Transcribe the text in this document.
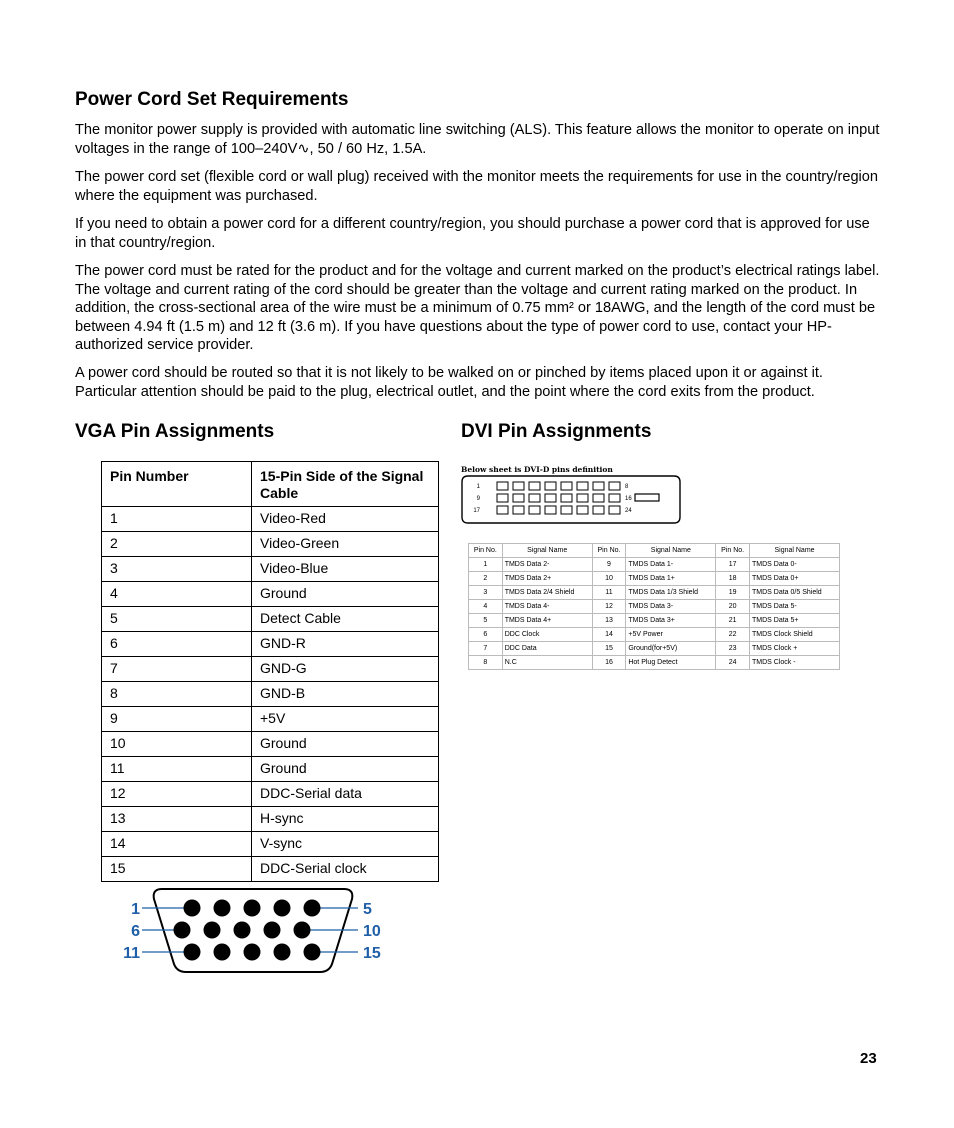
Power Cord Set Requirements

The monitor power supply is provided with automatic line switching (ALS). This feature allows the monitor to operate on input voltages in the range of 100–240V∿, 50 / 60 Hz, 1.5A.

The power cord set (flexible cord or wall plug) received with the monitor meets the requirements for use in the country/region where the equipment was purchased.

If you need to obtain a power cord for a different country/region, you should purchase a power cord that is approved for use in that country/region.

The power cord must be rated for the product and for the voltage and current marked on the product’s electrical ratings label. The voltage and current rating of the cord should be greater than the voltage and current rating marked on the product. In addition, the cross-sectional area of the wire must be a minimum of 0.75 mm² or 18AWG, and the length of the cord must be between 4.94 ft (1.5 m) and 12 ft (3.6 m). If you have questions about the type of power cord to use, contact your HP-authorized service provider.

A power cord should be routed so that it is not likely to be walked on or pinched by items placed upon it or against it. Particular attention should be paid to the plug, electrical outlet, and the point where the cord exits from the product.

VGA Pin Assignments	DVI Pin Assignments
Pin Number	15-Pin Side of the Signal Cable
1	Video-Red
2	Video-Green
3	Video-Blue
4	Ground
5	Detect Cable
6	GND-R
7	GND-G
8	GND-B
9	+5V
10	Ground
11	Ground
12	DDC-Serial data
13	H-sync
14	V-sync
15	DDC-Serial clock
1	5
6	10
11	15
Below sheet is DVI-D pins definition
1	8
9	16
17	24
Pin No.	Signal Name	Pin No.	Signal Name	Pin No.	Signal Name
1	TMDS Data 2-	9	TMDS Data 1-	17	TMDS Data 0-
2	TMDS Data 2+	10	TMDS Data 1+	18	TMDS Data 0+
3	TMDS Data 2/4 Shield	11	TMDS Data 1/3 Shield	19	TMDS Data 0/5 Shield
4	TMDS Data 4-	12	TMDS Data 3-	20	TMDS Data 5-
5	TMDS Data 4+	13	TMDS Data 3+	21	TMDS Data 5+
6	DDC Clock	14	+5V Power	22	TMDS Clock Shield
7	DDC Data	15	Ground(for+5V)	23	TMDS Clock +
8	N.C	16	Hot Plug Detect	24	TMDS Clock -
23
